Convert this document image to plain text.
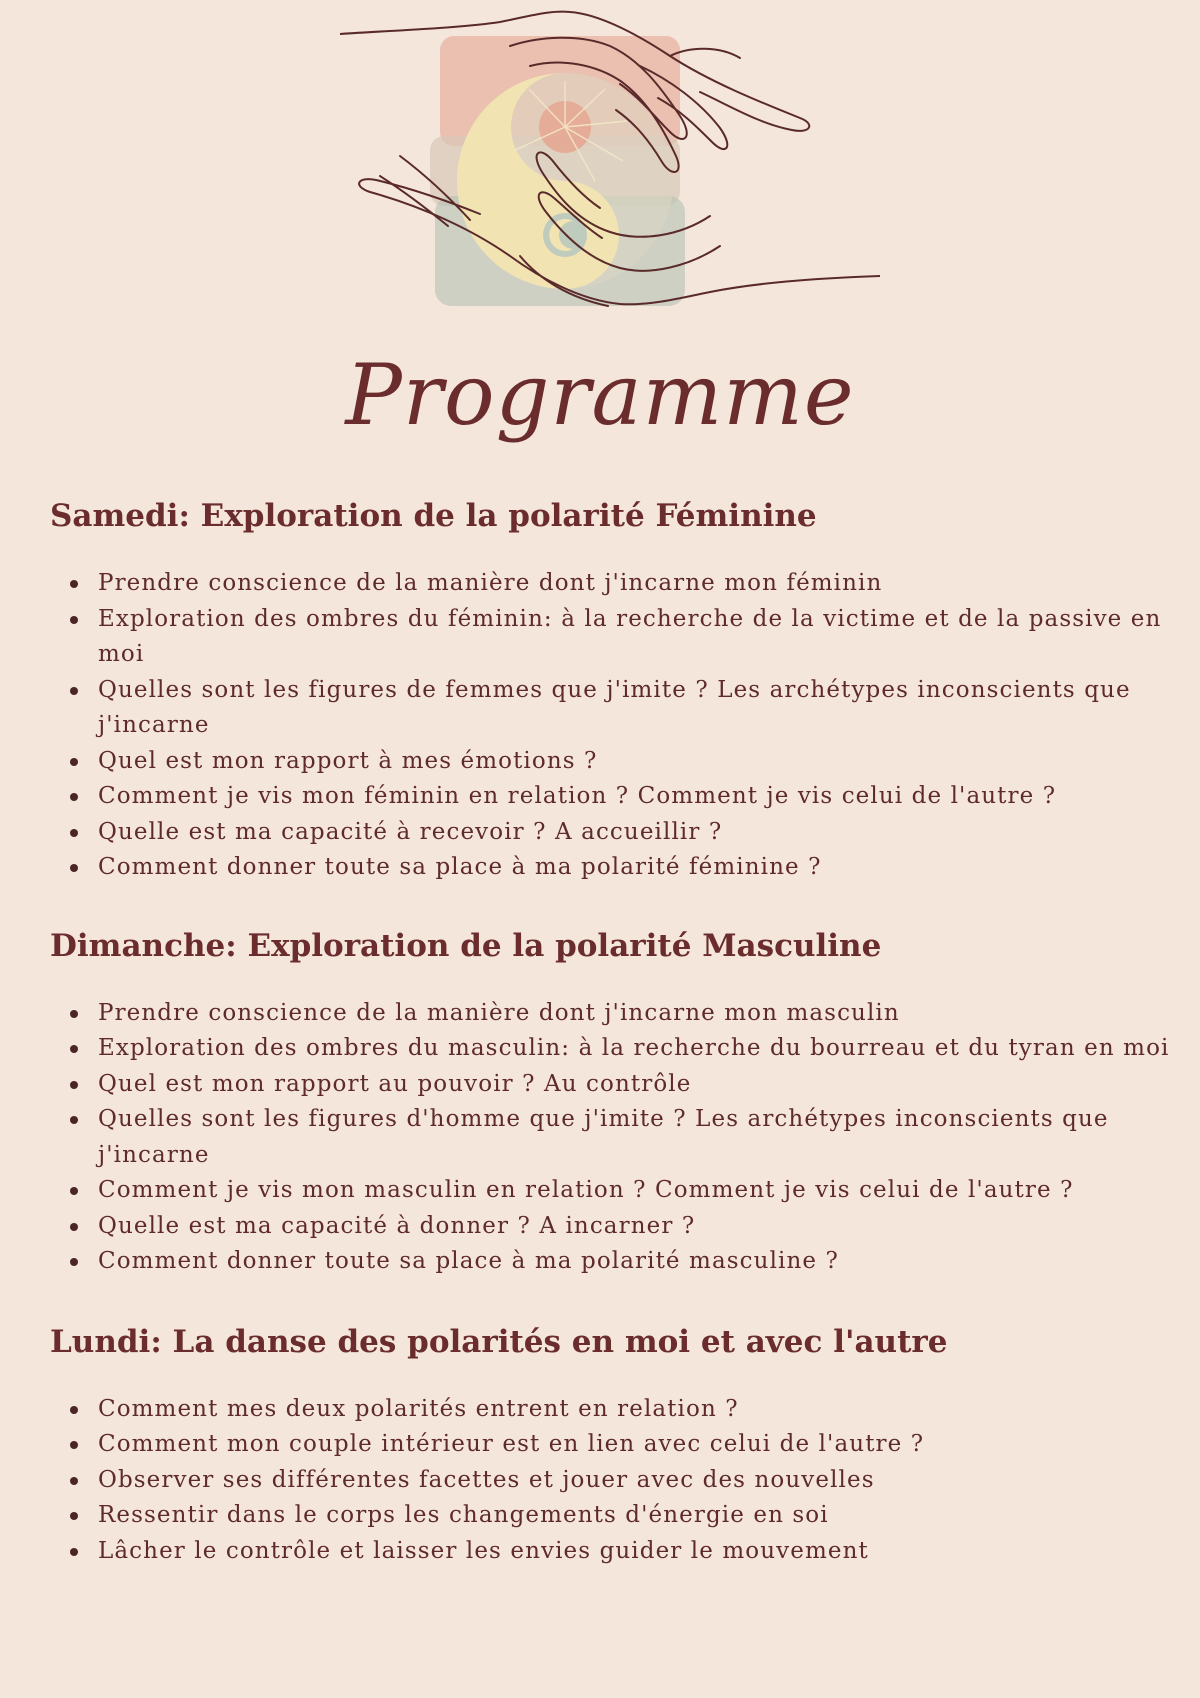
Programme
Samedi: Exploration de la polarité Féminine
Prendre conscience de la manière dont j'incarne mon féminin
Exploration des ombres du féminin: à la recherche de la victime et de la passive en moi
Quelles sont les figures de femmes que j'imite ? Les archétypes inconscients que j'incarne
Quel est mon rapport à mes émotions ?
Comment je vis mon féminin en relation ? Comment je vis celui de l'autre ?
Quelle est ma capacité à recevoir ? A accueillir ?
Comment donner toute sa place à ma polarité féminine ?
Dimanche: Exploration de la polarité Masculine
Prendre conscience de la manière dont j'incarne mon masculin
Exploration des ombres du masculin: à la recherche du bourreau et du tyran en moi
Quel est mon rapport au pouvoir ? Au contrôle
Quelles sont les figures d'homme que j'imite ? Les archétypes inconscients que j'incarne
Comment je vis mon masculin en relation ? Comment je vis celui de l'autre ?
Quelle est ma capacité à donner ? A incarner ?
Comment donner toute sa place à ma polarité masculine ?
Lundi: La danse des polarités en moi et avec l'autre
Comment mes deux polarités entrent en relation ?
Comment mon couple intérieur est en lien avec celui de l'autre ?
Observer ses différentes facettes et jouer avec des nouvelles
Ressentir dans le corps les changements d'énergie en soi
Lâcher le contrôle et laisser les envies guider le mouvement
